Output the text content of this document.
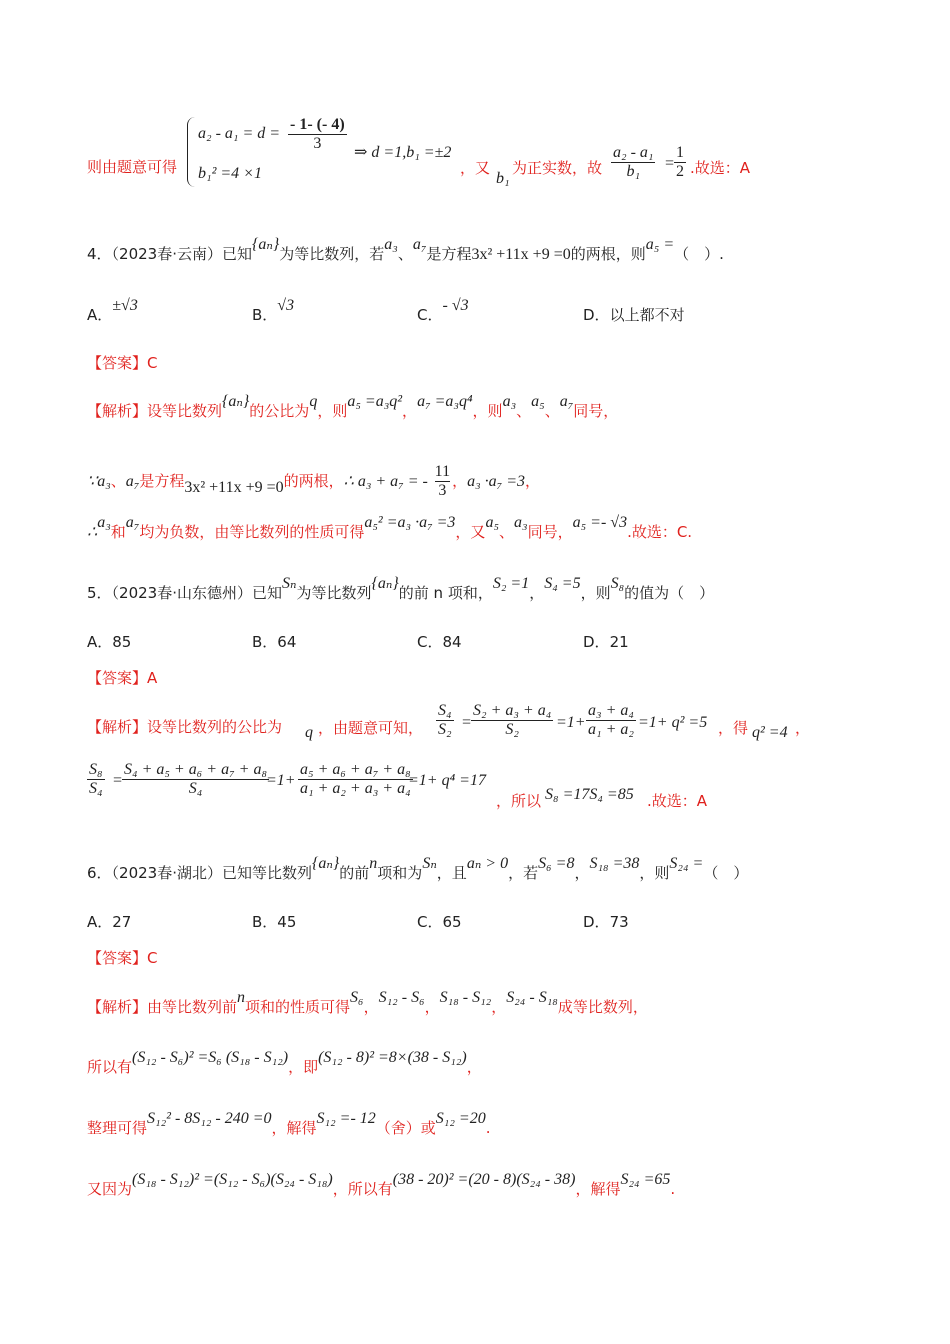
则由题意可得
$a_2 - a_1 = d = \frac{- 1- (- 4)}{3}$ ⇒ d =1,b₁ =±2
b₁² =4 ×1	，又
b₁
为正实数，故 $\frac{\text{a₂ - a₁}}{\text{b₁}} = \frac{1}{2}$ .故选：A
4．（2023春·云南）已知{aₙ}为等比数列，若a₃、a₇是方程3x² +11x +9 =0的两根，则a₅ =（　）.
A．±√3
B．√3
C．- √3
D．以上都不对
【答案】C
【解析】设等比数列{aₙ}的公比为q，则a₅ =a₃q²，a₇ =a₃q⁴，则a₃、a₅、a₇同号，
∵a₃、a₇是方程3x² +11x +9 =0的两根，∴ a₃ + a₇ = - $\frac{11}{3}$ ，a₃ ·a₇ =3，
∴a₃和a₇均为负数，由等比数列的性质可得a₅² =a₃ ·a₇ =3，又a₅、a₃同号，a₅ =- √3.故选：C.
5．（2023春·山东德州）已知Sₙ为等比数列{aₙ}的前 n 项和，S₂ =1，S₄ =5，则S₈的值为（　）
A．85	B．64	C．84	D．21
【答案】A
【解析】设等比数列的公比为 q ，由题意可知， $\frac{\text{S₄}}{\text{S₂}} = \frac{\text{S₂ + a₃ + a₄}}{\text{S₂}} =1+ \frac{\text{a₃ + a₄}}{\text{a₁ + a₂}} =1+ q^2 =5$ ，得 q² =4 ，
$\frac{\text{S₈}}{\text{S₄}} = \frac{\text{S₄ + a₅ + a₆ + a₇ + a₈}}{\text{S₄}}$
$=1+ \frac{\text{a₅ + a₆ + a₇ + a₈}}{\text{a₁ + a₂ + a₃ + a₄}}$
=1+ q⁴ =17
，所以 S₈ =17S₄ =85 .故选：A
6．（2023春·湖北）已知等比数列{aₙ}的前n项和为Sₙ，且aₙ > 0，若S₆ =8，S₁₈ =38，则S₂₄ =（　）
A．27	B．45	C．65	D．73
【答案】C
【解析】由等比数列前n项和的性质可得S₆，S₁₂ - S₆，S₁₈ - S₁₂，S₂₄ - S₁₈成等比数列，
所以有(S₁₂ - S₆)² =S₆ (S₁₈ - S₁₂)，即(S₁₂ - 8)² =8×(38 - S₁₂)，
整理可得S₁₂² - 8S₁₂ - 240 =0，解得S₁₂ =- 12（舍）或S₁₂ =20.
又因为(S₁₈ - S₁₂)² =(S₁₂ - S₆)(S₂₄ - S₁₈)，所以有(38 - 20)² =(20 - 8)(S₂₄ - 38)，解得S₂₄ =65.
